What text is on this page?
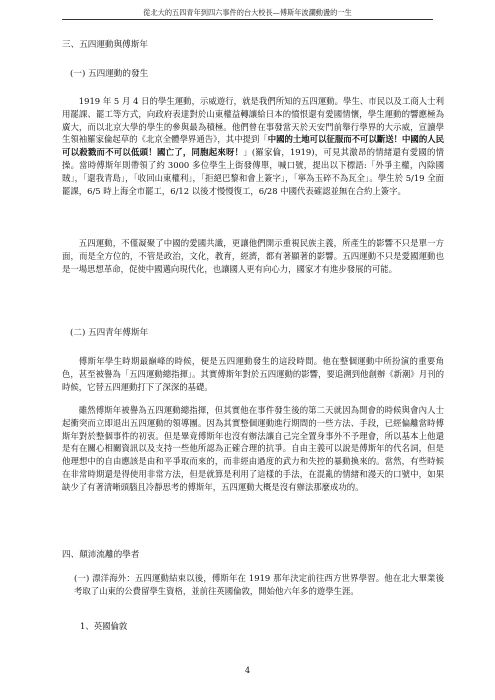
從北大的五四青年到四六事件的台大校長—傅斯年波瀾動盪的一生
三、五四運動與傅斯年
(一) 五四運動的發生
1919 年 5 月 4 日的學生運動，示威遊行，就是我們所知的五四運動。學生、市民以及工商人士利用罷課、罷工等方式，向政府表達對於山東權益轉讓給日本的憤恨還有愛國情懷，學生運動的響應極為廣大，而以北京大學的學生的參與最為積極。他們曾在事發當天於天安門前舉行學界的大示威，宣讀學生領袖羅家倫起草的《北京全體學界通告》，其中提到「中國的土地可以征服而不可以斷送！中國的人民可以殺戮而不可以低頭！國亡了，同胞起來呀！」(羅家倫，1919)，可見其激昂的情緒還有愛國的情操。當時傅斯年則帶領了約 3000 多位學生上街發傳單，喊口號，提出以下標語:「外爭主權，內除國賊」，「還我青島」，「收回山東權利」，「拒絕巴黎和會上簽字」，「寧為玉碎不為瓦全」。學生於 5/19 全面罷課，6/5 時上海全市罷工，6/12 以後才慢慢復工，6/28 中國代表確認並無在合約上簽字。
五四運動，不僅凝聚了中國的愛國共識，更讓他們開示重視民族主義，所產生的影響不只是單一方面，而是全方位的，不管是政治，文化，教育，經濟，都有著顯著的影響。五四運動不只是愛國運動也是一場思想革命，促使中國邁向現代化，也讓國人更有向心力，國家才有進步發展的可能。
(二) 五四青年傅斯年
傅斯年學生時期最巔峰的時候，便是五四運動發生的這段時間。他在整個運動中所扮演的重要角色，甚至被譽為「五四運動總指揮」。其實傅斯年對於五四運動的影響，要追溯到他創辦《新潮》月刊的時候，它替五四運動打下了深深的基礎。
雖然傅斯年被譽為五四運動總指揮，但其實他在事件發生後的第二天就因為開會的時候與會內人士起衝突而立即退出五四運動的領導團。因為其實整個運動進行期間的一些方法、手段，已經偏離當時傅斯年對於整個事件的初衷。但是畢竟傅斯年也沒有辦法讓自己完全置身事外不予理會，所以基本上他還是有在關心相關資訊以及支持一些他所認為正確合理的抗爭。自由主義可以說是傅斯年的代名詞，但是他理想中的自由應該是由和平爭取而來的，而非經由過度的武力和失控的暴動換來的。當然，有些時候在非常時期還是得使用非常方法，但是就算是利用了這樣的手法，在混亂的情緒和漫天的口號中，如果缺少了有著清晰頭腦且冷靜思考的傅斯年，五四運動大概是沒有辦法那麼成功的。
四、顛沛流離的學者
(一) 漂洋海外：五四運動結束以後，傅斯年在 1919 那年決定前往西方世界學習。他在北大畢業後考取了山東的公費留學生資格，並前往英國倫敦，開始他六年多的遊學生涯。
1、英國倫敦
4
